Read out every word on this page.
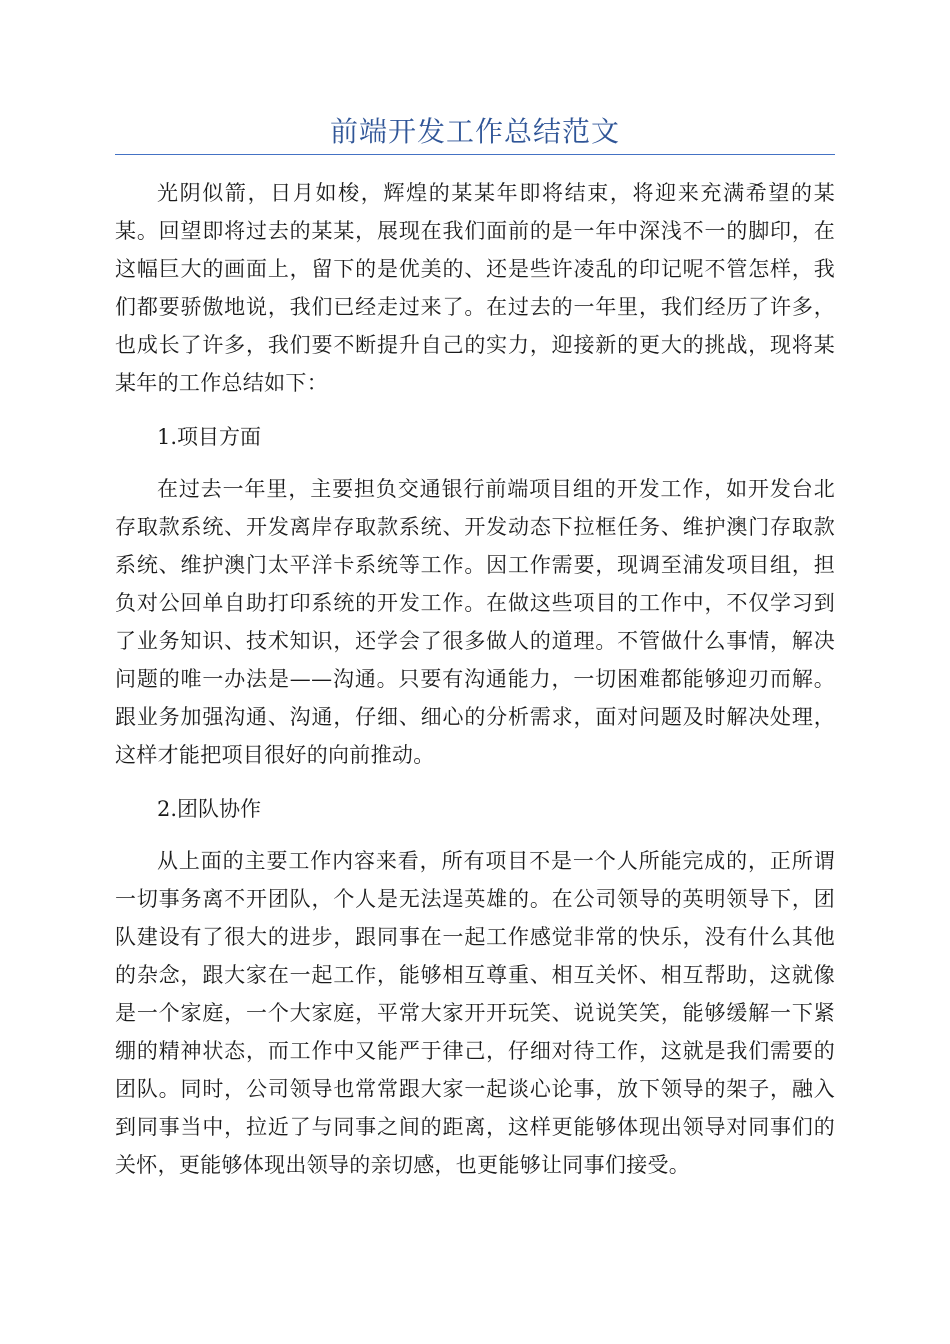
前端开发工作总结范文

光阴似箭，日月如梭，辉煌的某某年即将结束，将迎来充满希望的某某。回望即将过去的某某，展现在我们面前的是一年中深浅不一的脚印，在这幅巨大的画面上，留下的是优美的、还是些许凌乱的印记呢不管怎样，我们都要骄傲地说，我们已经走过来了。在过去的一年里，我们经历了许多，也成长了许多，我们要不断提升自己的实力，迎接新的更大的挑战，现将某某年的工作总结如下：

1.项目方面

在过去一年里，主要担负交通银行前端项目组的开发工作，如开发台北存取款系统、开发离岸存取款系统、开发动态下拉框任务、维护澳门存取款系统、维护澳门太平洋卡系统等工作。因工作需要，现调至浦发项目组，担负对公回单自助打印系统的开发工作。在做这些项目的工作中，不仅学习到了业务知识、技术知识，还学会了很多做人的道理。不管做什么事情，解决问题的唯一办法是——沟通。只要有沟通能力，一切困难都能够迎刃而解。跟业务加强沟通、沟通，仔细、细心的分析需求，面对问题及时解决处理，这样才能把项目很好的向前推动。

2.团队协作

从上面的主要工作内容来看，所有项目不是一个人所能完成的，正所谓一切事务离不开团队，个人是无法逞英雄的。在公司领导的英明领导下，团队建设有了很大的进步，跟同事在一起工作感觉非常的快乐，没有什么其他的杂念，跟大家在一起工作，能够相互尊重、相互关怀、相互帮助，这就像是一个家庭，一个大家庭，平常大家开开玩笑、说说笑笑，能够缓解一下紧绷的精神状态，而工作中又能严于律己，仔细对待工作，这就是我们需要的团队。同时，公司领导也常常跟大家一起谈心论事，放下领导的架子，融入到同事当中，拉近了与同事之间的距离，这样更能够体现出领导对同事们的关怀，更能够体现出领导的亲切感，也更能够让同事们接受。
